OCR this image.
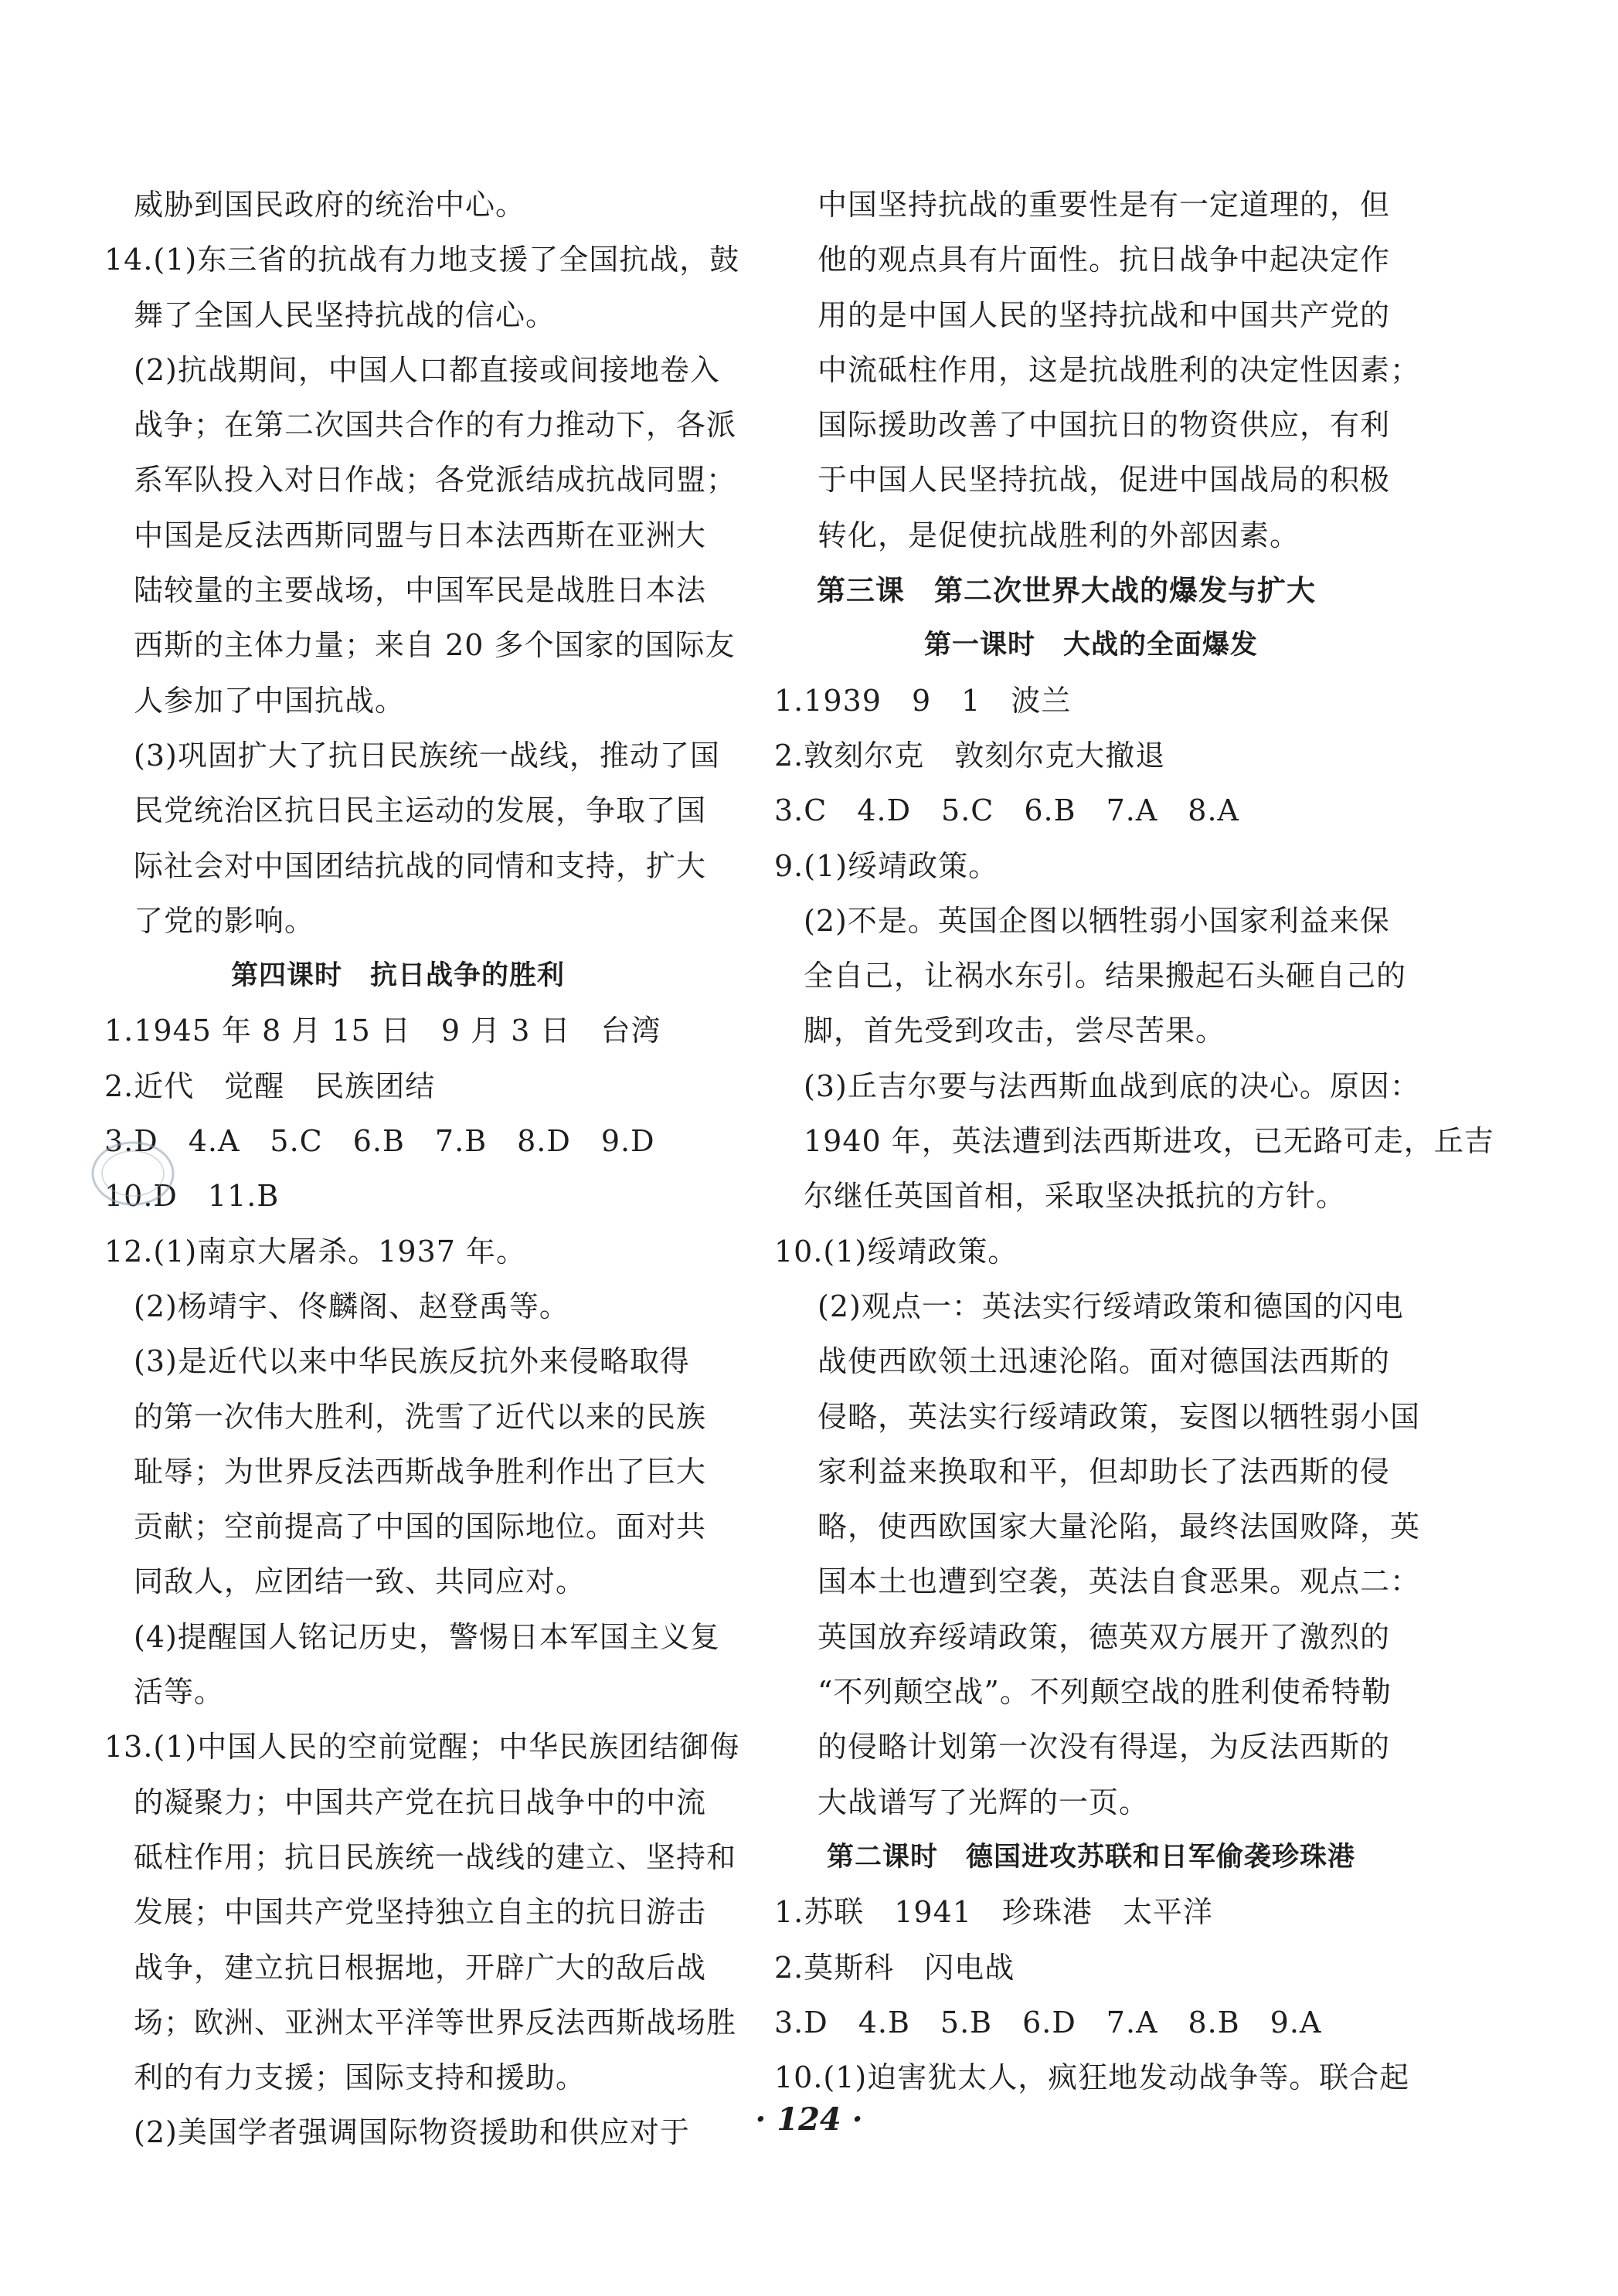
威胁到国民政府的统治中心。
14.(1)东三省的抗战有力地支援了全国抗战，鼓
舞了全国人民坚持抗战的信心。
(2)抗战期间，中国人口都直接或间接地卷入
战争；在第二次国共合作的有力推动下，各派
系军队投入对日作战；各党派结成抗战同盟；
中国是反法西斯同盟与日本法西斯在亚洲大
陆较量的主要战场，中国军民是战胜日本法
西斯的主体力量；来自 20 多个国家的国际友
人参加了中国抗战。
(3)巩固扩大了抗日民族统一战线，推动了国
民党统治区抗日民主运动的发展，争取了国
际社会对中国团结抗战的同情和支持，扩大
了党的影响。
第四课时　抗日战争的胜利
1.1945 年 8 月 15 日　9 月 3 日　台湾
2.近代　觉醒　民族团结
3.D　4.A　5.C　6.B　7.B　8.D　9.D
10.D　11.B
12.(1)南京大屠杀。1937 年。
(2)杨靖宇、佟麟阁、赵登禹等。
(3)是近代以来中华民族反抗外来侵略取得
的第一次伟大胜利，洗雪了近代以来的民族
耻辱；为世界反法西斯战争胜利作出了巨大
贡献；空前提高了中国的国际地位。面对共
同敌人，应团结一致、共同应对。
(4)提醒国人铭记历史，警惕日本军国主义复
活等。
13.(1)中国人民的空前觉醒；中华民族团结御侮
的凝聚力；中国共产党在抗日战争中的中流
砥柱作用；抗日民族统一战线的建立、坚持和
发展；中国共产党坚持独立自主的抗日游击
战争，建立抗日根据地，开辟广大的敌后战
场；欧洲、亚洲太平洋等世界反法西斯战场胜
利的有力支援；国际支持和援助。
(2)美国学者强调国际物资援助和供应对于
中国坚持抗战的重要性是有一定道理的，但
他的观点具有片面性。抗日战争中起决定作
用的是中国人民的坚持抗战和中国共产党的
中流砥柱作用，这是抗战胜利的决定性因素；
国际援助改善了中国抗日的物资供应，有利
于中国人民坚持抗战，促进中国战局的积极
转化，是促使抗战胜利的外部因素。
第三课　第二次世界大战的爆发与扩大
第一课时　大战的全面爆发
1.1939　9　1　波兰
2.敦刻尔克　敦刻尔克大撤退
3.C　4.D　5.C　6.B　7.A　8.A
9.(1)绥靖政策。
(2)不是。英国企图以牺牲弱小国家利益来保
全自己，让祸水东引。结果搬起石头砸自己的
脚，首先受到攻击，尝尽苦果。
(3)丘吉尔要与法西斯血战到底的决心。原因：
1940 年，英法遭到法西斯进攻，已无路可走，丘吉
尔继任英国首相，采取坚决抵抗的方针。
10.(1)绥靖政策。
(2)观点一：英法实行绥靖政策和德国的闪电
战使西欧领土迅速沦陷。面对德国法西斯的
侵略，英法实行绥靖政策，妄图以牺牲弱小国
家利益来换取和平，但却助长了法西斯的侵
略，使西欧国家大量沦陷，最终法国败降，英
国本土也遭到空袭，英法自食恶果。观点二：
英国放弃绥靖政策，德英双方展开了激烈的
“不列颠空战”。不列颠空战的胜利使希特勒
的侵略计划第一次没有得逞，为反法西斯的
大战谱写了光辉的一页。
第二课时　德国进攻苏联和日军偷袭珍珠港
1.苏联　1941　珍珠港　太平洋
2.莫斯科　闪电战
3.D　4.B　5.B　6.D　7.A　8.B　9.A
10.(1)迫害犹太人，疯狂地发动战争等。联合起
· 124 ·
